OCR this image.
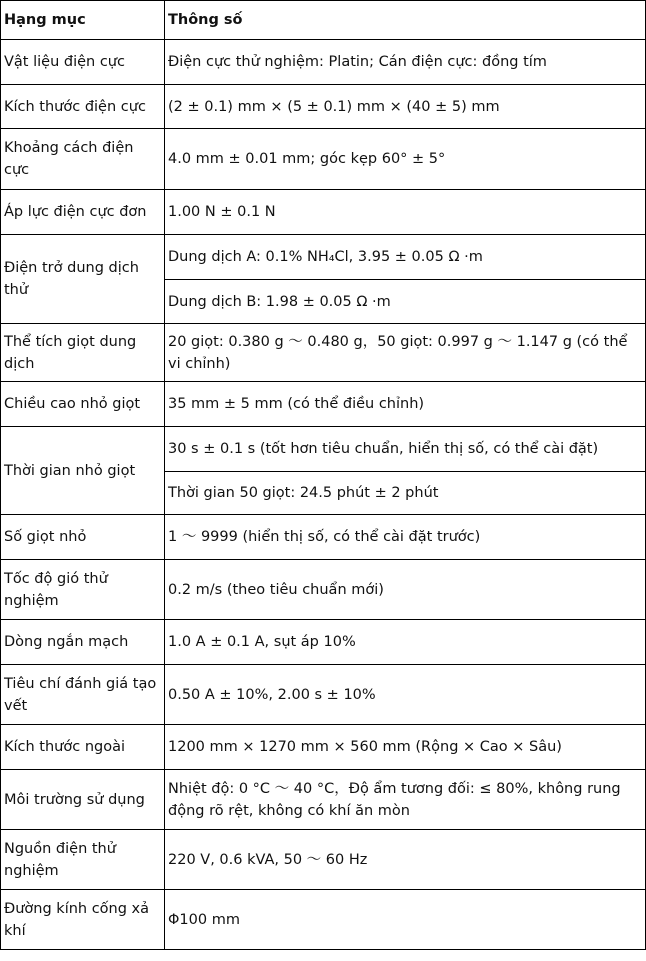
Hạng mục	Thông số
Vật liệu điện cực	Điện cực thử nghiệm: Platin; Cán điện cực: đồng tím
Kích thước điện cực	(2 ± 0.1) mm × (5 ± 0.1) mm × (40 ± 5) mm
Khoảng cách điện cực	4.0 mm ± 0.01 mm; góc kẹp 60° ± 5°
Áp lực điện cực đơn	1.00 N ± 0.1 N
Điện trở dung dịch thử	Dung dịch A: 0.1% NH₄Cl, 3.95 ± 0.05 Ω ·m
	Dung dịch B: 1.98 ± 0.05 Ω ·m
Thể tích giọt dung dịch	20 giọt: 0.380 g ～ 0.480 g，50 giọt: 0.997 g ～ 1.147 g (có thể vi chỉnh)
Chiều cao nhỏ giọt	35 mm ± 5 mm (có thể điều chỉnh)
Thời gian nhỏ giọt	30 s ± 0.1 s (tốt hơn tiêu chuẩn, hiển thị số, có thể cài đặt)
	Thời gian 50 giọt: 24.5 phút ± 2 phút
Số giọt nhỏ	1 ～ 9999 (hiển thị số, có thể cài đặt trước)
Tốc độ gió thử nghiệm	0.2 m/s (theo tiêu chuẩn mới)
Dòng ngắn mạch	1.0 A ± 0.1 A, sụt áp 10%
Tiêu chí đánh giá tạo vết	0.50 A ± 10%, 2.00 s ± 10%
Kích thước ngoài	1200 mm × 1270 mm × 560 mm (Rộng × Cao × Sâu)
Môi trường sử dụng	Nhiệt độ: 0 °C ～ 40 °C，Độ ẩm tương đối: ≤ 80%, không rung động rõ rệt, không có khí ăn mòn
Nguồn điện thử nghiệm	220 V, 0.6 kVA, 50 ～ 60 Hz
Đường kính cống xả khí	Φ100 mm
